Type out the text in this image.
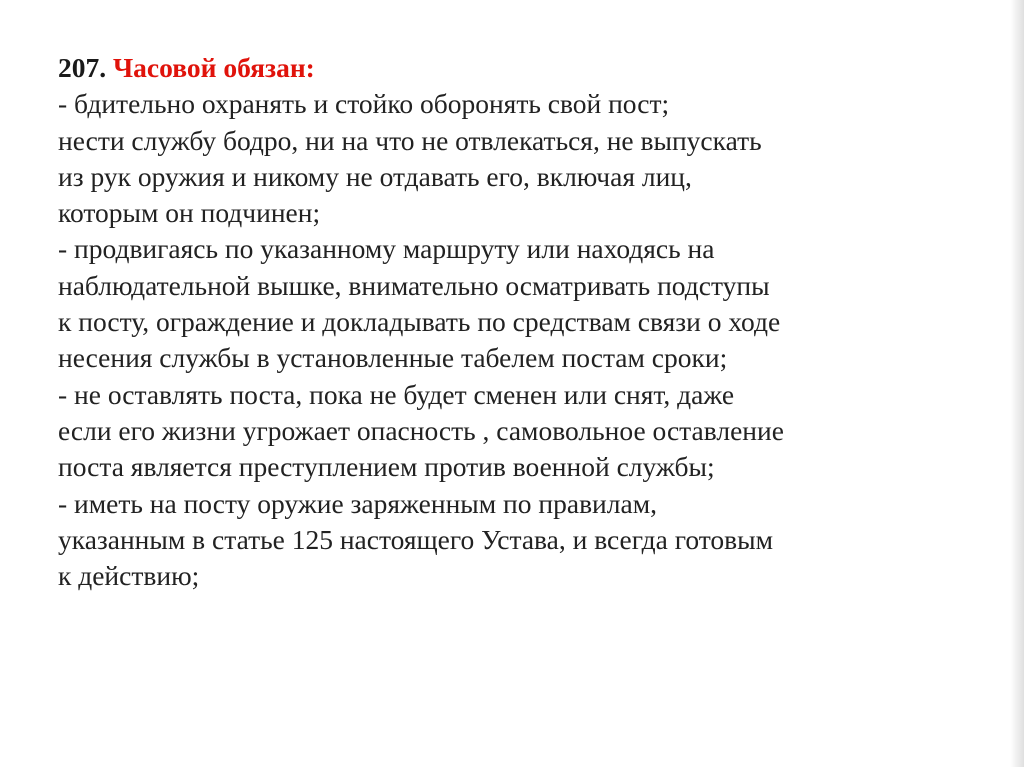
207. Часовой обязан:
- бдительно охранять и стойко оборонять свой пост;
нести службу бодро, ни на что не отвлекаться, не выпускать
из рук оружия и никому не отдавать его, включая лиц,
которым он подчинен;
- продвигаясь по указанному маршруту или находясь на
наблюдательной вышке, внимательно осматривать подступы
к посту, ограждение и докладывать по средствам связи о ходе
несения службы в установленные табелем постам сроки;
- не оставлять поста, пока не будет сменен или снят, даже
если его жизни угрожает опасность , самовольное оставление
поста является преступлением против военной службы;
- иметь на посту оружие заряженным по правилам,
указанным в статье 125 настоящего Устава, и всегда готовым
к действию;
